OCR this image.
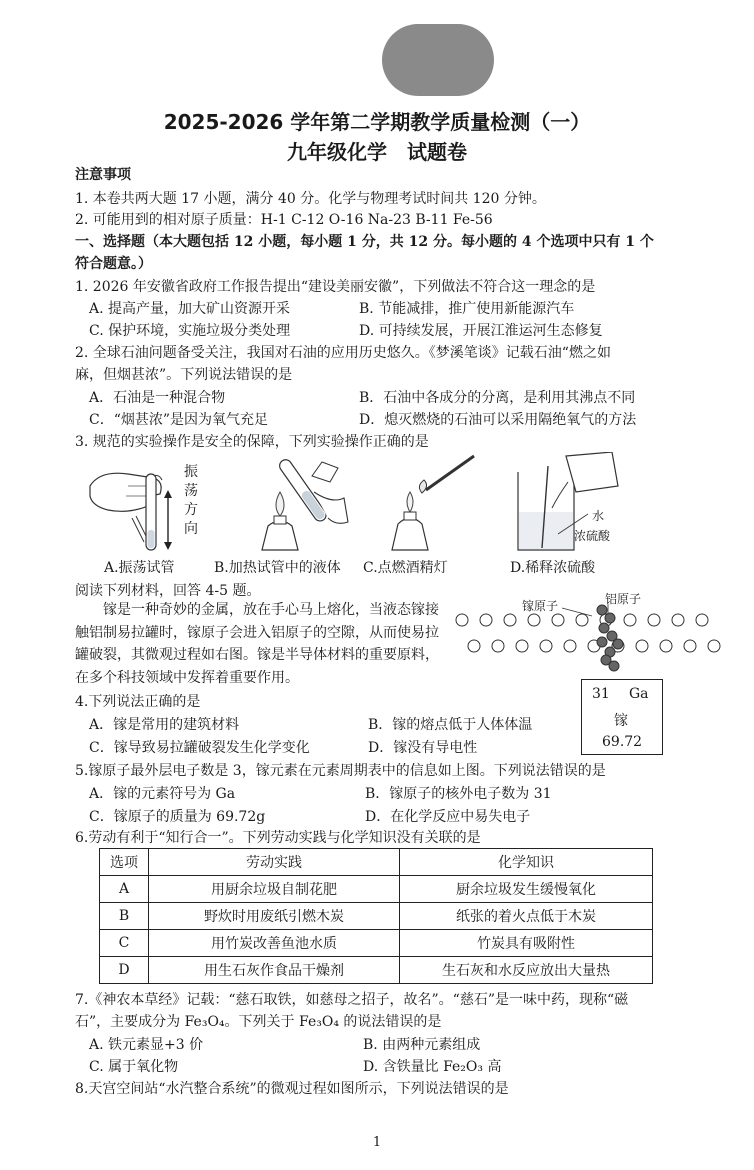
2025-2026 学年第二学期教学质量检测（一）
九年级化学　试题卷
注意事项
1. 本卷共两大题 17 小题，满分 40 分。化学与物理考试时间共 120 分钟。
2. 可能用到的相对原子质量：H-1 C-12 O-16 Na-23 B-11 Fe-56
一、选择题（本大题包括 12 小题，每小题 1 分，共 12 分。每小题的 4 个选项中只有 1 个
符合题意。）
1. 2026 年安徽省政府工作报告提出“建设美丽安徽”，下列做法不符合这一理念的是
A. 提高产量，加大矿山资源开采	B. 节能减排，推广使用新能源汽车
C. 保护环境，实施垃圾分类处理	D. 可持续发展，开展江淮运河生态修复
2. 全球石油问题备受关注，我国对石油的应用历史悠久。《梦溪笔谈》记载石油“燃之如
麻，但烟甚浓”。下列说法错误的是
A．石油是一种混合物	B．石油中各成分的分离，是利用其沸点不同
C．“烟甚浓”是因为氧气充足	D．熄灭燃烧的石油可以采用隔绝氧气的方法
3. 规范的实验操作是安全的保障，下列实验操作正确的是
振
荡
方
向
水
浓硫酸
A.振荡试管	B.加热试管中的液体 C.点燃酒精灯	D.稀释浓硫酸
阅读下列材料，回答 4-5 题。
镓是一种奇妙的金属，放在手心马上熔化，当液态镓接触铝制易拉罐时，镓原子会进入铝原子的空隙，从而使易拉罐破裂，其微观过程如右图。镓是半导体材料的重要原料，在多个科技领域中发挥着重要作用。
镓原子	铝原子
31 Ga
镓
69.72
4.下列说法正确的是
A．镓是常用的建筑材料	B．镓的熔点低于人体体温
C．镓导致易拉罐破裂发生化学变化	D．镓没有导电性
5.镓原子最外层电子数是 3，镓元素在元素周期表中的信息如上图。下列说法错误的是
A．镓的元素符号为 Ga	B．镓原子的核外电子数为 31
C．镓原子的质量为 69.72g	D．在化学反应中易失电子
6.劳动有利于“知行合一”。下列劳动实践与化学知识没有关联的是
选项	劳动实践	化学知识
A	用厨余垃圾自制花肥	厨余垃圾发生缓慢氧化
B	野炊时用废纸引燃木炭	纸张的着火点低于木炭
C	用竹炭改善鱼池水质	竹炭具有吸附性
D	用生石灰作食品干燥剂	生石灰和水反应放出大量热
7.《神农本草经》记载：“慈石取铁，如慈母之招子，故名”。“慈石”是一味中药，现称“磁
石”，主要成分为 Fe₃O₄。下列关于 Fe₃O₄ 的说法错误的是
A. 铁元素显+3 价	B. 由两种元素组成
C. 属于氧化物	D. 含铁量比 Fe₂O₃ 高
8.天宫空间站“水汽整合系统”的微观过程如图所示，下列说法错误的是
1
